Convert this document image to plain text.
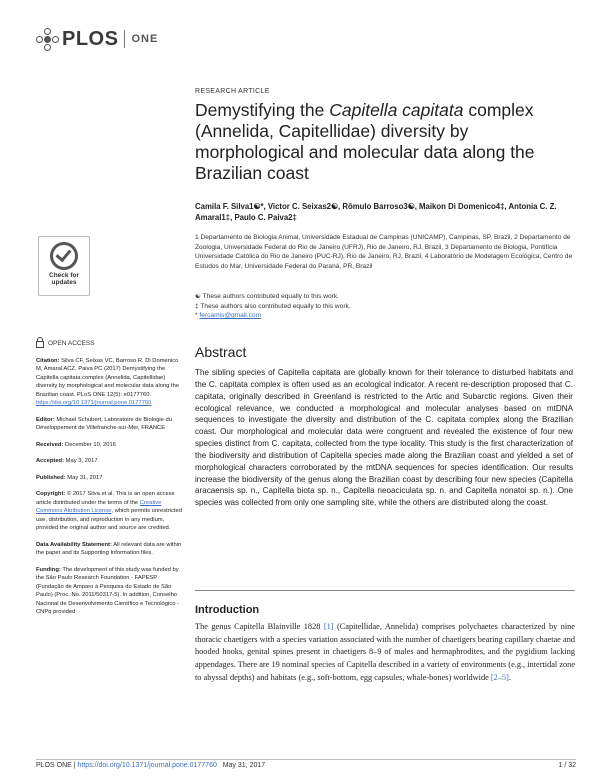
PLOS ONE
RESEARCH ARTICLE
Demystifying the Capitella capitata complex (Annelida, Capitellidae) diversity by morphological and molecular data along the Brazilian coast
Camila F. Silva1☯*, Victor C. Seixas2☯, Rômulo Barroso3☯, Maikon Di Domenico4‡, Antonia C. Z. Amaral1‡, Paulo C. Paiva2‡
1 Departamento de Biologia Animal, Universidade Estadual de Campinas (UNICAMP), Campinas, SP, Brazil, 2 Departamento de Zoologia, Universidade Federal do Rio de Janeiro (UFRJ), Rio de Janeiro, RJ, Brazil, 3 Departamento de Biologia, Pontifícia Universidade Católica do Rio de Janeiro (PUC-RJ), Rio de Janeiro, RJ, Brazil, 4 Laboratório de Modelagem Ecológica, Centro de Estudos do Mar, Universidade Federal do Paraná, PR, Brazil
☯ These authors contributed equally to this work.
‡ These authors also contributed equally to this work.
* fercamis@gmail.com
Check for
updates
OPEN ACCESS
Citation: Silva CF, Seixas VC, Barroso R, Di Domenico M, Amaral ACZ, Paiva PC (2017) Demystifying the Capitella capitata complex (Annelida, Capitellidae) diversity by morphological and molecular data along the Brazilian coast. PLoS ONE 12(5): e0177760. https://doi.org/10.1371/journal.pone.0177760
Editor: Michael Schubert, Laboratoire de Biologie du Développement de Villefranche-sur-Mer, FRANCE
Received: December 10, 2016
Accepted: May 3, 2017
Published: May 31, 2017
Copyright: © 2017 Silva et al. This is an open access article distributed under the terms of the Creative Commons Attribution License, which permits unrestricted use, distribution, and reproduction in any medium, provided the original author and source are credited.
Data Availability Statement: All relevant data are within the paper and its Supporting Information files.
Funding: The development of this study was funded by the São Paulo Research Foundation - FAPESP (Fundação de Amparo à Pesquisa do Estado de São Paulo) (Proc. No. 2011/50317-5). In addition, Conselho Nacional de Desenvolvimento Científico e Tecnológico - CNPq provided
Abstract
The sibling species of Capitella capitata are globally known for their tolerance to disturbed habitats and the C. capitata complex is often used as an ecological indicator. A recent re-description proposed that C. capitata, originally described in Greenland is restricted to the Artic and Subarctic regions. Given their ecological relevance, we conducted a morphological and molecular analyses based on mtDNA sequences to investigate the diversity and distribution of the C. capitata complex along the Brazilian coast. Our morphological and molecular data were congruent and revealed the existence of four new species distinct from C. capitata, collected from the type locality. This study is the first characterization of the biodiversity and distribution of Capitella species made along the Brazilian coast and yielded a set of morphological characters corroborated by the mtDNA sequences for species identification. Our results increase the biodiversity of the genus along the Brazilian coast by describing four new species (Capitella aracaensis sp. n., Capitella biota sp. n., Capitella neoaciculata sp. n. and Capitella nonatoi sp. n.). One species was collected from only one sampling site, while the others are distributed along the coast.
Introduction
The genus Capitella Blainville 1828 [1] (Capitellidae, Annelida) comprises polychaetes characterized by nine thoracic chaetigers with a species variation associated with the number of chaetigers bearing capillary chaetae and hooded hooks, genital spines present in chaetigers 8–9 of males and hermaphrodites, and the pygidium lacking appendages. There are 19 nominal species of Capitella described in a variety of environments (e.g., intertidal zone to abyssal depths) and habitats (e.g., soft-bottom, egg capsules, whale-bones) worldwide [2–5].
PLOS ONE | https://doi.org/10.1371/journal.pone.0177760 May 31, 2017	1 / 32
